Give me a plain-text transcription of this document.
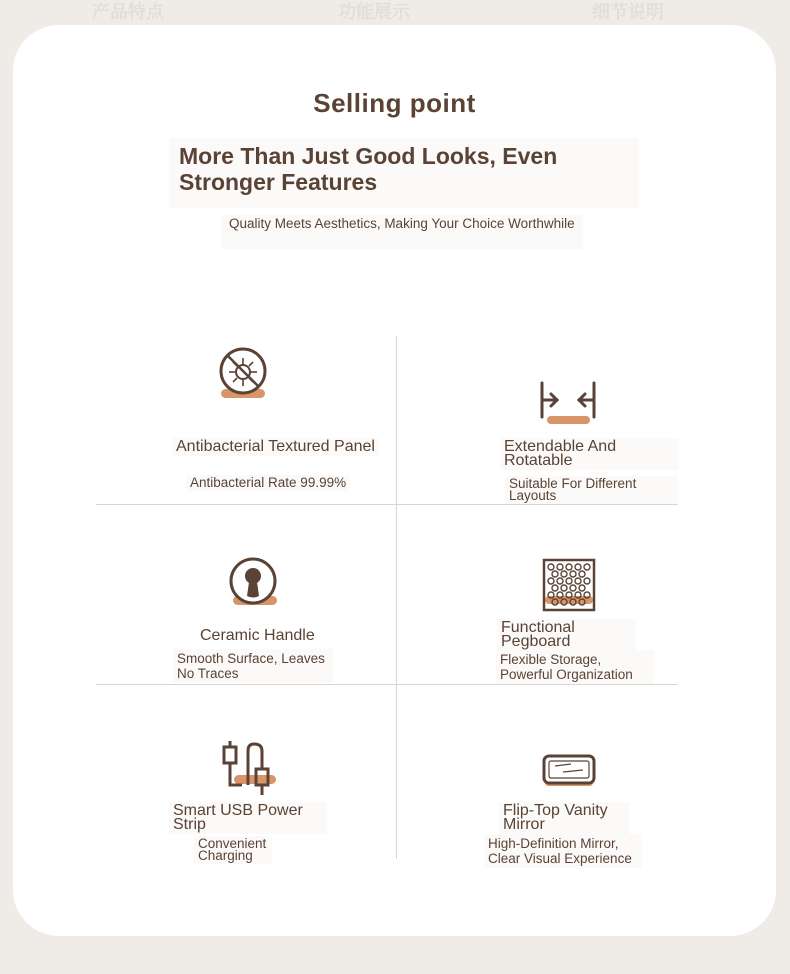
产品特点	功能展示	细节说明
Selling point
More Than Just Good Looks, Even Stronger Features
Quality Meets Aesthetics, Making Your Choice Worthwhile
Antibacterial Textured Panel
Antibacterial Rate 99.99%
Extendable And Rotatable
Suitable For Different Layouts
Ceramic Handle
Smooth Surface, Leaves No Traces
Functional Pegboard
Flexible Storage, Powerful Organization
Smart USB Power Strip
Convenient Charging
Flip-Top Vanity Mirror
High-Definition Mirror, Clear Visual Experience
